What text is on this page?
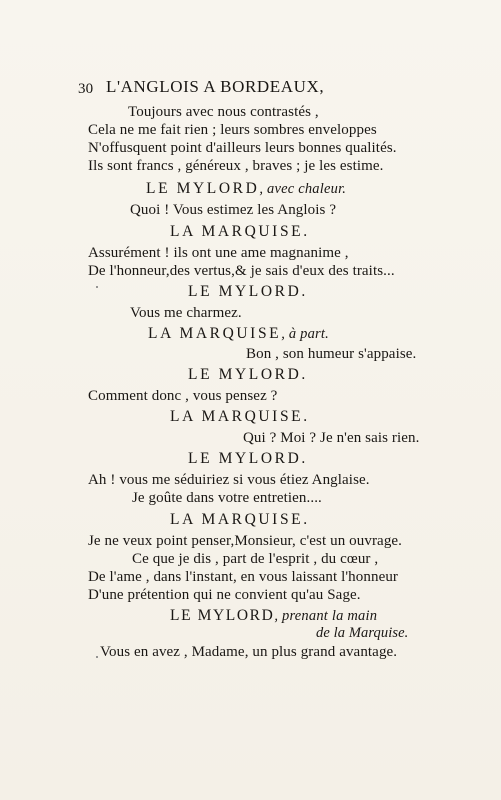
30 L'ANGLOIS A BORDEAUX,
Toujours avec nous contrastés ,
Cela ne me fait rien ; leurs sombres enveloppes
N'offusquent point d'ailleurs leurs bonnes qualités.
Ils sont francs , généreux , braves ; je les estime.
LE MYLORD, avec chaleur.
Quoi ! Vous estimez les Anglois ?
LA MARQUISE.
Assurément ! ils ont une ame magnanime ,
De l'honneur,des vertus,& je sais d'eux des traits...
LE MYLORD.
Vous me charmez.
LA MARQUISE, à part.
Bon , son humeur s'appaise.
LE MYLORD.
Comment donc , vous pensez ?
LA MARQUISE.
Qui ? Moi ? Je n'en sais rien.
LE MYLORD.
Ah ! vous me séduiriez si vous étiez Anglaise.
Je goûte dans votre entretien....
LA MARQUISE.
Je ne veux point penser,Monsieur, c'est un ouvrage.
Ce que je dis , part de l'esprit , du cœur ,
De l'ame , dans l'instant, en vous laissant l'honneur
D'une prétention qui ne convient qu'au Sage.
LE MYLORD, prenant la main
de la Marquise.
Vous en avez , Madame, un plus grand avantage.
